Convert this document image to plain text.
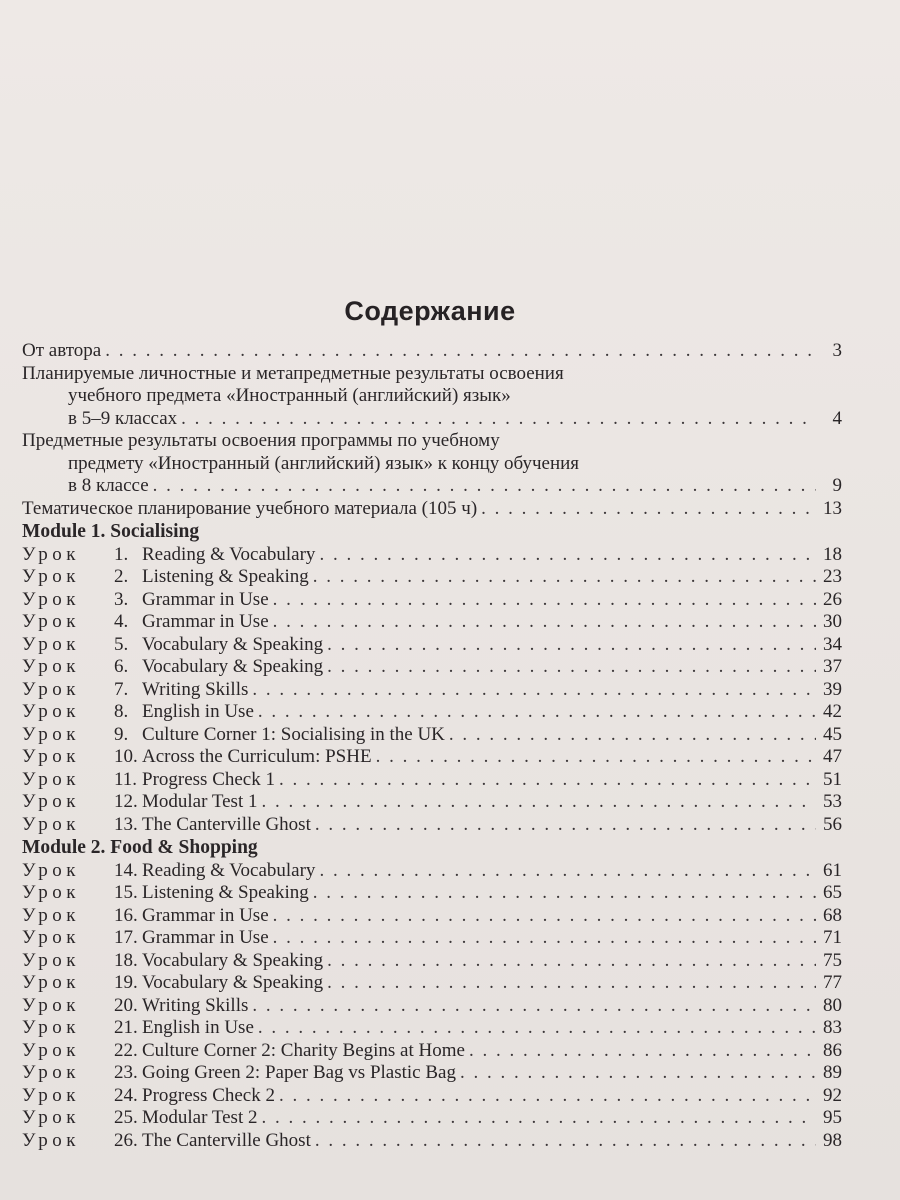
Содержание
От автора . . .	3
Планируемые личностные и метапредметные результаты освоения
учебного предмета «Иностранный (английский) язык»
в 5–9 классах . . .	4
Предметные результаты освоения программы по учебному
предмету «Иностранный (английский) язык» к концу обучения
в 8 классе . . .	9
Тематическое планирование учебного материала (105 ч) . . .	13
Module 1. Socialising
Урок	1. Reading & Vocabulary . . .	18
Урок	2. Listening & Speaking . . .	23
Урок	3. Grammar in Use . . .	26
Урок	4. Grammar in Use . . .	30
Урок	5. Vocabulary & Speaking . . .	34
Урок	6. Vocabulary & Speaking . . .	37
Урок	7. Writing Skills . . .	39
Урок	8. English in Use . . .	42
Урок	9. Culture Corner 1: Socialising in the UK . . .	45
Урок	10. Across the Curriculum: PSHE . . .	47
Урок	11. Progress Check 1 . . .	51
Урок	12. Modular Test 1 . . .	53
Урок	13. The Canterville Ghost . . .	56
Module 2. Food & Shopping
Урок	14. Reading & Vocabulary . . .	61
Урок	15. Listening & Speaking . . .	65
Урок	16. Grammar in Use . . .	68
Урок	17. Grammar in Use . . .	71
Урок	18. Vocabulary & Speaking . . .	75
Урок	19. Vocabulary & Speaking . . .	77
Урок	20. Writing Skills . . .	80
Урок	21. English in Use . . .	83
Урок	22. Culture Corner 2: Charity Begins at Home . . .	86
Урок	23. Going Green 2: Paper Bag vs Plastic Bag . . .	89
Урок	24. Progress Check 2 . . .	92
Урок	25. Modular Test 2 . . .	95
Урок	26. The Canterville Ghost . . .	98
